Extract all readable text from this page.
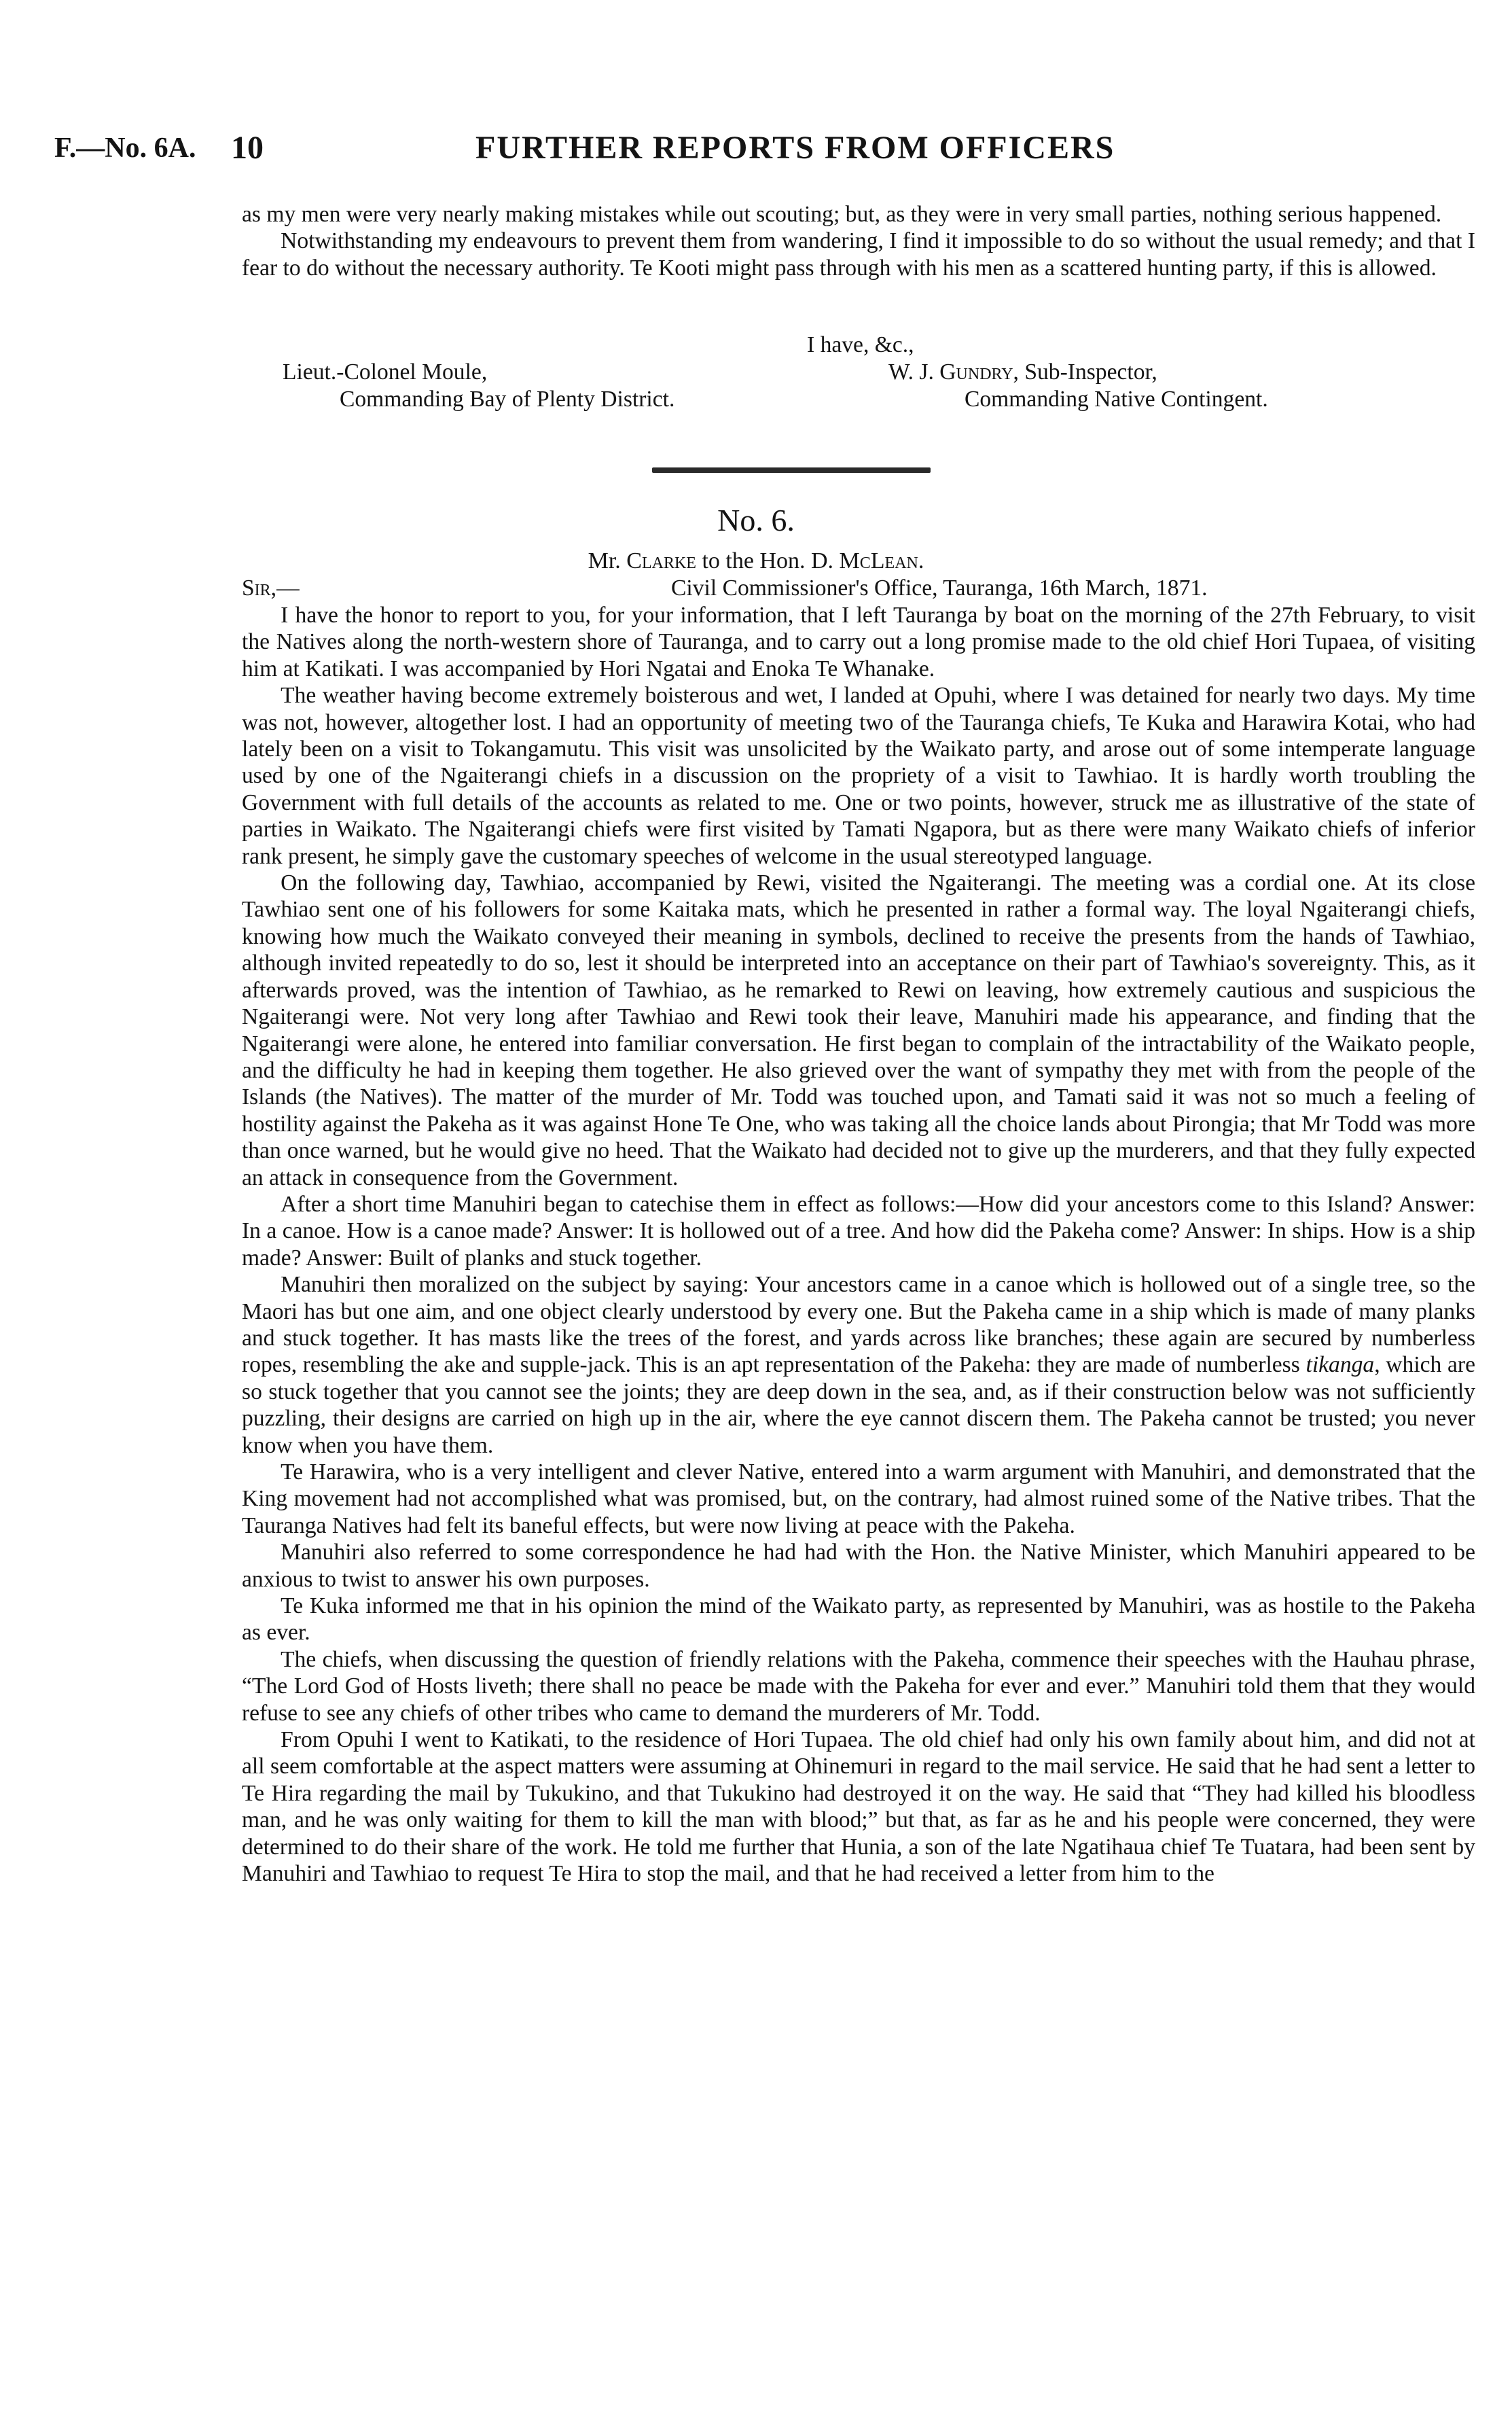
F.—No. 6A. 10	FURTHER REPORTS FROM OFFICERS

as my men were very nearly making mistakes while out scouting; but, as they were in very small parties, nothing serious happened.

Notwithstanding my endeavours to prevent them from wandering, I find it impossible to do so without the usual remedy; and that I fear to do without the necessary authority. Te Kooti might pass through with his men as a scattered hunting party, if this is allowed.

I have, &c.,
Lieut.-Colonel Moule,
Commanding Bay of Plenty District.
W. J. Gundry, Sub-Inspector,
Commanding Native Contingent.
No. 6.
Mr. Clarke to the Hon. D. McLean.
Sir,—	Civil Commissioner's Office, Tauranga, 16th March, 1871.

I have the honor to report to you, for your information, that I left Tauranga by boat on the morning of the 27th February, to visit the Natives along the north-western shore of Tauranga, and to carry out a long promise made to the old chief Hori Tupaea, of visiting him at Katikati. I was accompanied by Hori Ngatai and Enoka Te Whanake.

The weather having become extremely boisterous and wet, I landed at Opuhi, where I was detained for nearly two days. My time was not, however, altogether lost. I had an opportunity of meeting two of the Tauranga chiefs, Te Kuka and Harawira Kotai, who had lately been on a visit to Tokangamutu. This visit was unsolicited by the Waikato party, and arose out of some intemperate language used by one of the Ngaiterangi chiefs in a discussion on the propriety of a visit to Tawhiao. It is hardly worth troubling the Government with full details of the accounts as related to me. One or two points, however, struck me as illustrative of the state of parties in Waikato. The Ngaiterangi chiefs were first visited by Tamati Ngapora, but as there were many Waikato chiefs of inferior rank present, he simply gave the customary speeches of welcome in the usual stereotyped language.

On the following day, Tawhiao, accompanied by Rewi, visited the Ngaiterangi. The meeting was a cordial one. At its close Tawhiao sent one of his followers for some Kaitaka mats, which he presented in rather a formal way. The loyal Ngaiterangi chiefs, knowing how much the Waikato conveyed their meaning in symbols, declined to receive the presents from the hands of Tawhiao, although invited repeatedly to do so, lest it should be interpreted into an acceptance on their part of Tawhiao's sovereignty. This, as it afterwards proved, was the intention of Tawhiao, as he remarked to Rewi on leaving, how extremely cautious and suspicious the Ngaiterangi were. Not very long after Tawhiao and Rewi took their leave, Manuhiri made his appearance, and finding that the Ngaiterangi were alone, he entered into familiar conversation. He first began to complain of the intractability of the Waikato people, and the difficulty he had in keeping them together. He also grieved over the want of sympathy they met with from the people of the Islands (the Natives). The matter of the murder of Mr. Todd was touched upon, and Tamati said it was not so much a feeling of hostility against the Pakeha as it was against Hone Te One, who was taking all the choice lands about Pirongia; that Mr Todd was more than once warned, but he would give no heed. That the Waikato had decided not to give up the murderers, and that they fully expected an attack in consequence from the Government.

After a short time Manuhiri began to catechise them in effect as follows:—How did your ancestors come to this Island? Answer: In a canoe. How is a canoe made? Answer: It is hollowed out of a tree. And how did the Pakeha come? Answer: In ships. How is a ship made? Answer: Built of planks and stuck together.

Manuhiri then moralized on the subject by saying: Your ancestors came in a canoe which is hollowed out of a single tree, so the Maori has but one aim, and one object clearly understood by every one. But the Pakeha came in a ship which is made of many planks and stuck together. It has masts like the trees of the forest, and yards across like branches; these again are secured by numberless ropes, resembling the ake and supple-jack. This is an apt representation of the Pakeha: they are made of numberless tikanga, which are so stuck together that you cannot see the joints; they are deep down in the sea, and, as if their construction below was not sufficiently puzzling, their designs are carried on high up in the air, where the eye cannot discern them. The Pakeha cannot be trusted; you never know when you have them.

Te Harawira, who is a very intelligent and clever Native, entered into a warm argument with Manuhiri, and demonstrated that the King movement had not accomplished what was promised, but, on the contrary, had almost ruined some of the Native tribes. That the Tauranga Natives had felt its baneful effects, but were now living at peace with the Pakeha.

Manuhiri also referred to some correspondence he had had with the Hon. the Native Minister, which Manuhiri appeared to be anxious to twist to answer his own purposes.

Te Kuka informed me that in his opinion the mind of the Waikato party, as represented by Manuhiri, was as hostile to the Pakeha as ever.

The chiefs, when discussing the question of friendly relations with the Pakeha, commence their speeches with the Hauhau phrase, “The Lord God of Hosts liveth; there shall no peace be made with the Pakeha for ever and ever.” Manuhiri told them that they would refuse to see any chiefs of other tribes who came to demand the murderers of Mr. Todd.

From Opuhi I went to Katikati, to the residence of Hori Tupaea. The old chief had only his own family about him, and did not at all seem comfortable at the aspect matters were assuming at Ohinemuri in regard to the mail service. He said that he had sent a letter to Te Hira regarding the mail by Tukukino, and that Tukukino had destroyed it on the way. He said that “They had killed his bloodless man, and he was only waiting for them to kill the man with blood;” but that, as far as he and his people were concerned, they were determined to do their share of the work. He told me further that Hunia, a son of the late Ngatihaua chief Te Tuatara, had been sent by Manuhiri and Tawhiao to request Te Hira to stop the mail, and that he had received a letter from him to the
